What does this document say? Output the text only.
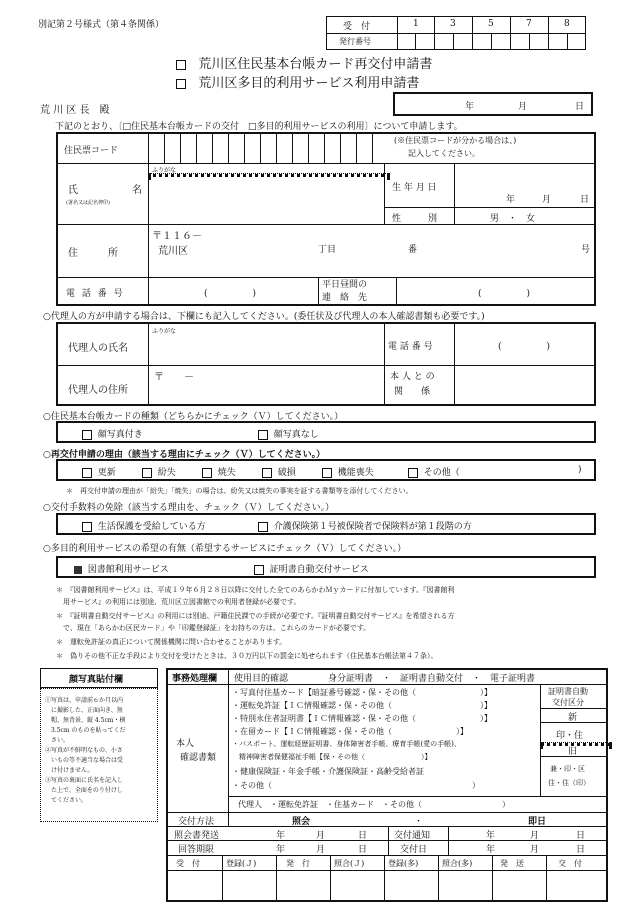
別記第２号様式（第４条関係）	受　付	1	3	5	7	8
発行番号
荒川区住民基本台帳カード再交付申請書
荒川区多目的利用サービス利用申請書
荒 川 区 長　殿	年	月	日
下記のとおり、〔□住民基本台帳カードの交付　□多目的利用サービスの利用〕について申請します。
住民票コード
(※住民票コードが分かる場合は、)
記入してください。
氏　　　名
(署名又は記名押印)
ふりがな
生 年 月 日
年	月	日
性　　　別	男　・　女
住　　　所
〒１１６－
荒川区	丁目	番	号
電 話 番 号	(　　　　　)
平日昼間の
連　絡　先	(　　　　　)
○代理人の方が申請する場合は、下欄にも記入してください。(委任状及び代理人の本人確認書類も必要です。)
代理人の氏名
ふりがな
電 話 番 号	(　　　　　)
代理人の住所
〒　　－	本 人 と の
関　　係
○住民基本台帳カードの種類（どちらかにチェック（Ｖ）してください。）
顔写真付き	顔写真なし
○再交付申請の理由（該当する理由にチェック（Ｖ）してください。）
更新	紛失	焼失	破損	機能喪失	その他（	)
＊　再交付申請の理由が「紛失」「焼失」の場合は、紛失又は焼失の事実を証する書類等を添付してください。
○交付手数料の免除（該当する理由を、チェック（Ｖ）してください。）
生活保護を受給している方	介護保険第１号被保険者で保険料が第１段階の方
○多目的利用サービスの希望の有無（希望するサービスにチェック（Ｖ）してください。）
図書館利用サービス	証明書自動交付サービス
＊　『図書館利用サービス』は、平成１９年６月２８日以降に交付した全てのあらかわＭｙカードに付加しています。『図書館利
　用サービス』の利用には別途、荒川区立図書館での利用者登録が必要です。
＊　『証明書自動交付サービス』の利用には別途、戸籍住民課での手続が必要です。『証明書自動交付サービス』を希望される方
　で、現在「あらかわ区民カード」や「印鑑登録証」をお持ちの方は、これらのカードが必要です。
＊　運転免許証の真正について関係機関に問い合わせることがあります。
＊　偽りその他不正な手段により交付を受けたときは、３０万円以下の罰金に処せられます（住民基本台帳法第４７条）。
顔写真貼付欄
①写真は、申請前６か月以内
　に撮影した、正面向き、無
　帽、無背景、縦 4.5cm・横
　3.5cm のものを貼ってくだ
　さい。
②写真が不鮮明なもの、小さ
　いもの等不適当な場合は受
　け付けません。
③写真の裏面に氏名を記入し
　た上で、全面をのり付けし
　てください。
事務処理欄 使用目的確認	身分証明書　・　証明書自動交付　・　電子証明書
本人
確認書類
・写真付住基カード【暗証番号確認・保・その他（　　　　　　　　）】
・運転免許証【ＩＣ情報確認・保・その他（　　　　　　　　　　　）】
・特別永住者証明書【ＩＣ情報確認・保・その他（　　　　　　　　）】
・在留カード【ＩＣ情報確認・保・その他（　　　　　　　　）】
・パスポート、運転経歴証明書、身体障害者手帳、療育手帳(愛の手帳)、
　精神障害者保健福祉手帳【保・その他（　　　　　　　　）】
・健康保険証・年金手帳・介護保険証・高齢受給者証
・その他（　　　　　　　　　　　　　　　　　　　　　　　　　）
証明書自動
交付区分
新
印・住
旧
兼・印・区
住・住（印）
代理人　・運転免許証　・住基カード　・その他（　　　　　　　　　　）
交付方法	照会	・	即日
照会書発送	年	月	日	交付通知	年	月	日
回答期限	年	月	日	交付日	年	月	日
受　付	登録(Ｊ)	発　行	照合(Ｊ)	登録(多)	照合(多)	発　送	交　付
